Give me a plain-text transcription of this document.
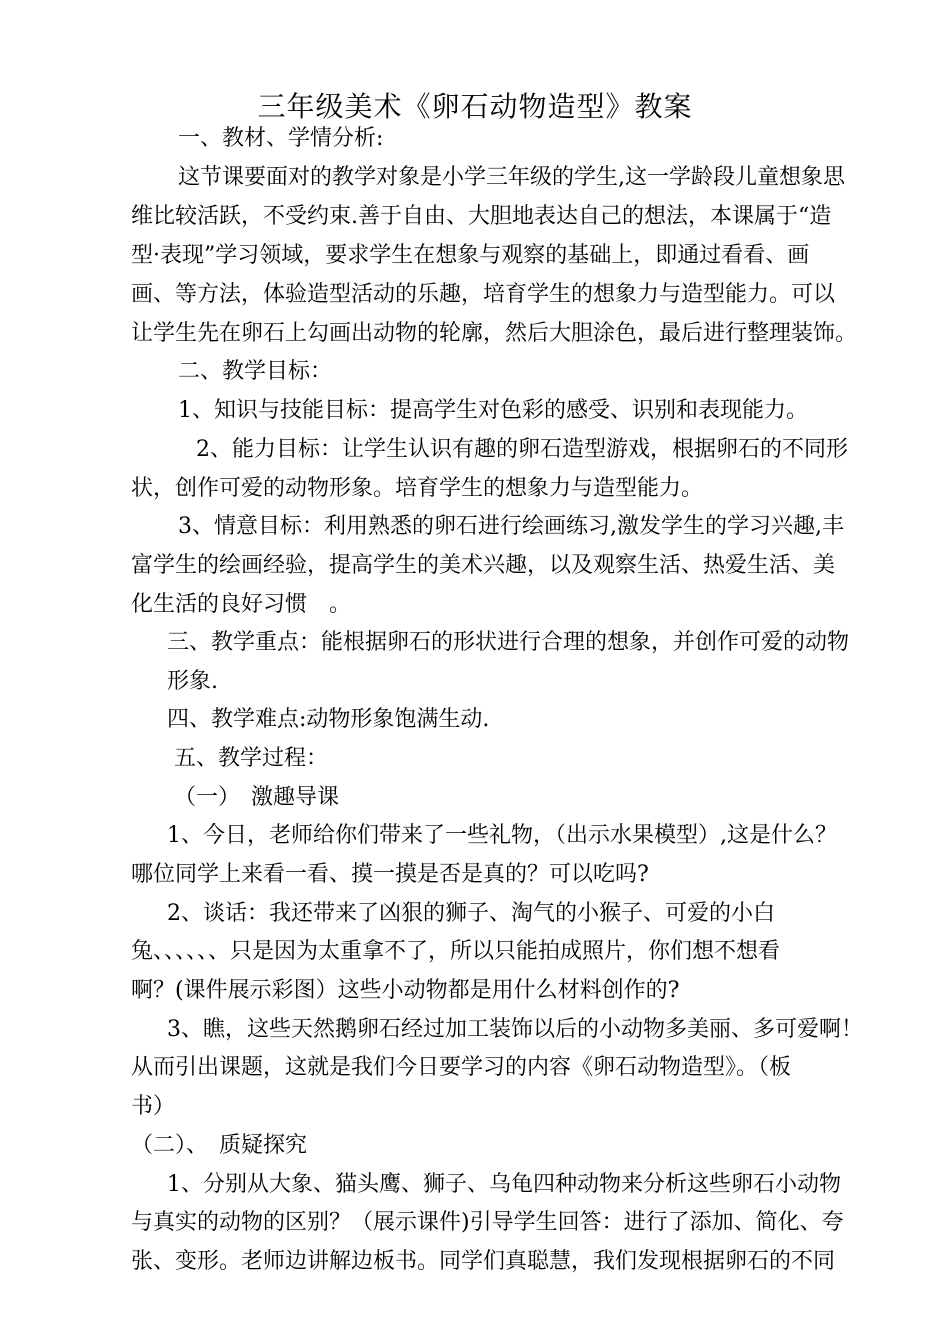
三年级美术《卵石动物造型》教案
一、教材、学情分析:
这节课要面对的教学对象是小学三年级的学生,这一学龄段儿童想象思
维比较活跃，不受约束.善于自由、大胆地表达自己的想法，本课属于“造
型·表现”学习领域，要求学生在想象与观察的基础上，即通过看看、画
画、等方法，体验造型活动的乐趣，培育学生的想象力与造型能力。可以
让学生先在卵石上勾画出动物的轮廓，然后大胆涂色，最后进行整理装饰。
二、教学目标：
1、知识与技能目标：提高学生对色彩的感受、识别和表现能力。
2、能力目标：让学生认识有趣的卵石造型游戏，根据卵石的不同形
状，创作可爱的动物形象。培育学生的想象力与造型能力。
3、情意目标：利用熟悉的卵石进行绘画练习,激发学生的学习兴趣,丰
富学生的绘画经验，提高学生的美术兴趣，以及观察生活、热爱生活、美
化生活的良好习惯　。
三、教学重点：能根据卵石的形状进行合理的想象，并创作可爱的动物
形象.
四、教学难点:动物形象饱满生动.
五、教学过程：
（一）　激趣导课
1、今日，老师给你们带来了一些礼物，（出示水果模型）,这是什么？
哪位同学上来看一看、摸一摸是否是真的？可以吃吗?
2、谈话：我还带来了凶狠的狮子、淘气的小猴子、可爱的小白
兔、、、、、、只是因为太重拿不了，所以只能拍成照片，你们想不想看
啊？(课件展示彩图）这些小动物都是用什么材料创作的?
3、瞧，这些天然鹅卵石经过加工装饰以后的小动物多美丽、多可爱啊！
从而引出课题，这就是我们今日要学习的内容《卵石动物造型》。（板
书）
（二）、　质疑探究
1、分别从大象、猫头鹰、狮子、乌龟四种动物来分析这些卵石小动物
与真实的动物的区别？（展示课件)引导学生回答：进行了添加、简化、夸
张、变形。老师边讲解边板书。同学们真聪慧，我们发现根据卵石的不同
